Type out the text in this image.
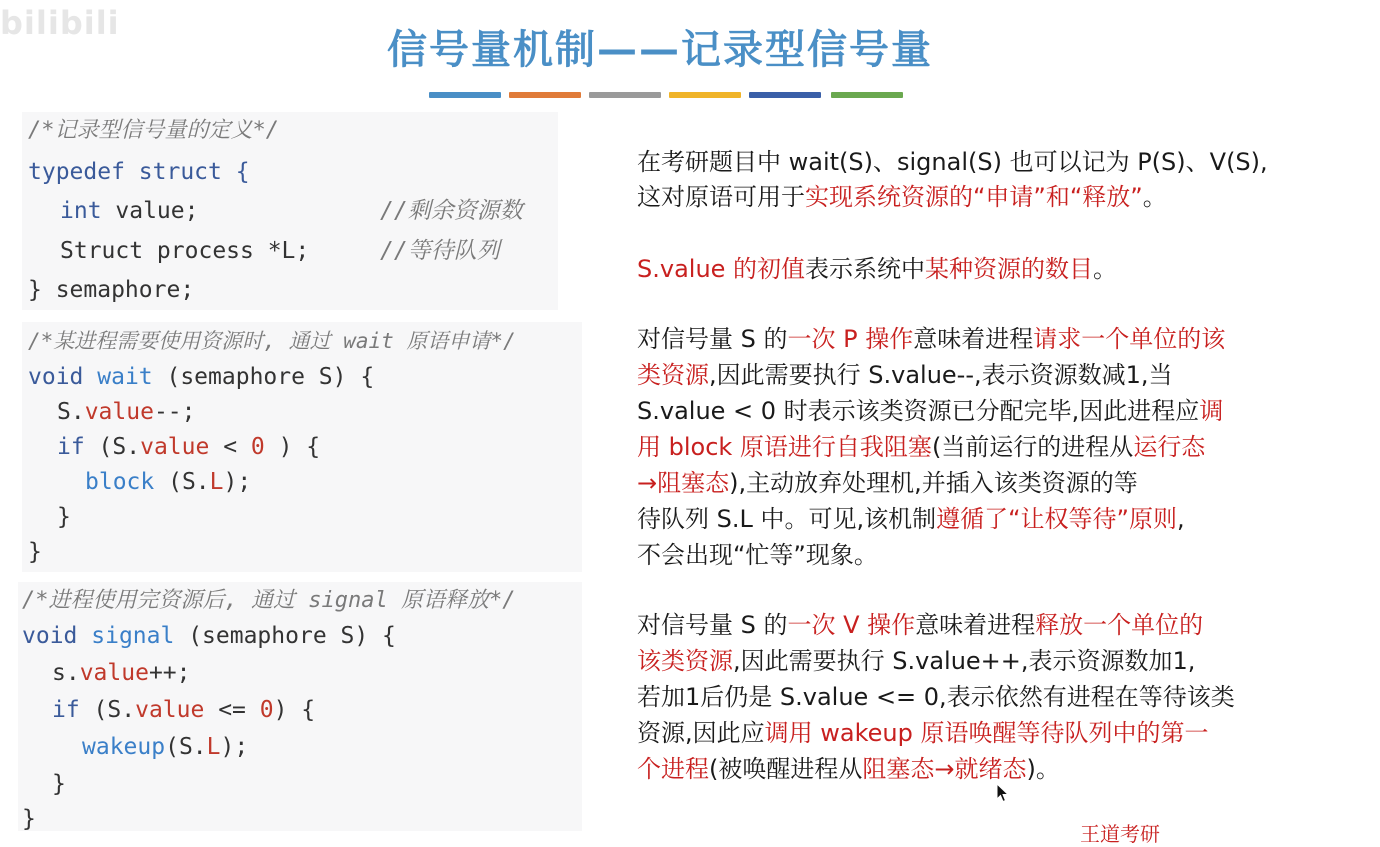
bilibili
信号量机制——记录型信号量
/*记录型信号量的定义*/
typedef struct {
int value;	//剩余资源数
Struct process *L;	//等待队列
} semaphore;
/*某进程需要使用资源时, 通过 wait 原语申请*/
void wait (semaphore S) {
S.value--;
if (S.value < 0 ) {
block (S.L);
}
}
/*进程使用完资源后, 通过 signal 原语释放*/
void signal (semaphore S) {
s.value++;
if (S.value <= 0) {
wakeup(S.L);
}
}
在考研题目中 wait(S)、signal(S) 也可以记为 P(S)、V(S),
这对原语可用于实现系统资源的“申请”和“释放”。
S.value 的初值表示系统中某种资源的数目。
对信号量 S 的一次 P 操作意味着进程请求一个单位的该
类资源,因此需要执行 S.value--,表示资源数减1,当
S.value < 0 时表示该类资源已分配完毕,因此进程应调
用 block 原语进行自我阻塞(当前运行的进程从运行态
→阻塞态),主动放弃处理机,并插入该类资源的等
待队列 S.L 中。可见,该机制遵循了“让权等待”原则,
不会出现“忙等”现象。
对信号量 S 的一次 V 操作意味着进程释放一个单位的
该类资源,因此需要执行 S.value++,表示资源数加1,
若加1后仍是 S.value <= 0,表示依然有进程在等待该类
资源,因此应调用 wakeup 原语唤醒等待队列中的第一
个进程(被唤醒进程从阻塞态→就绪态)。
王道考研
